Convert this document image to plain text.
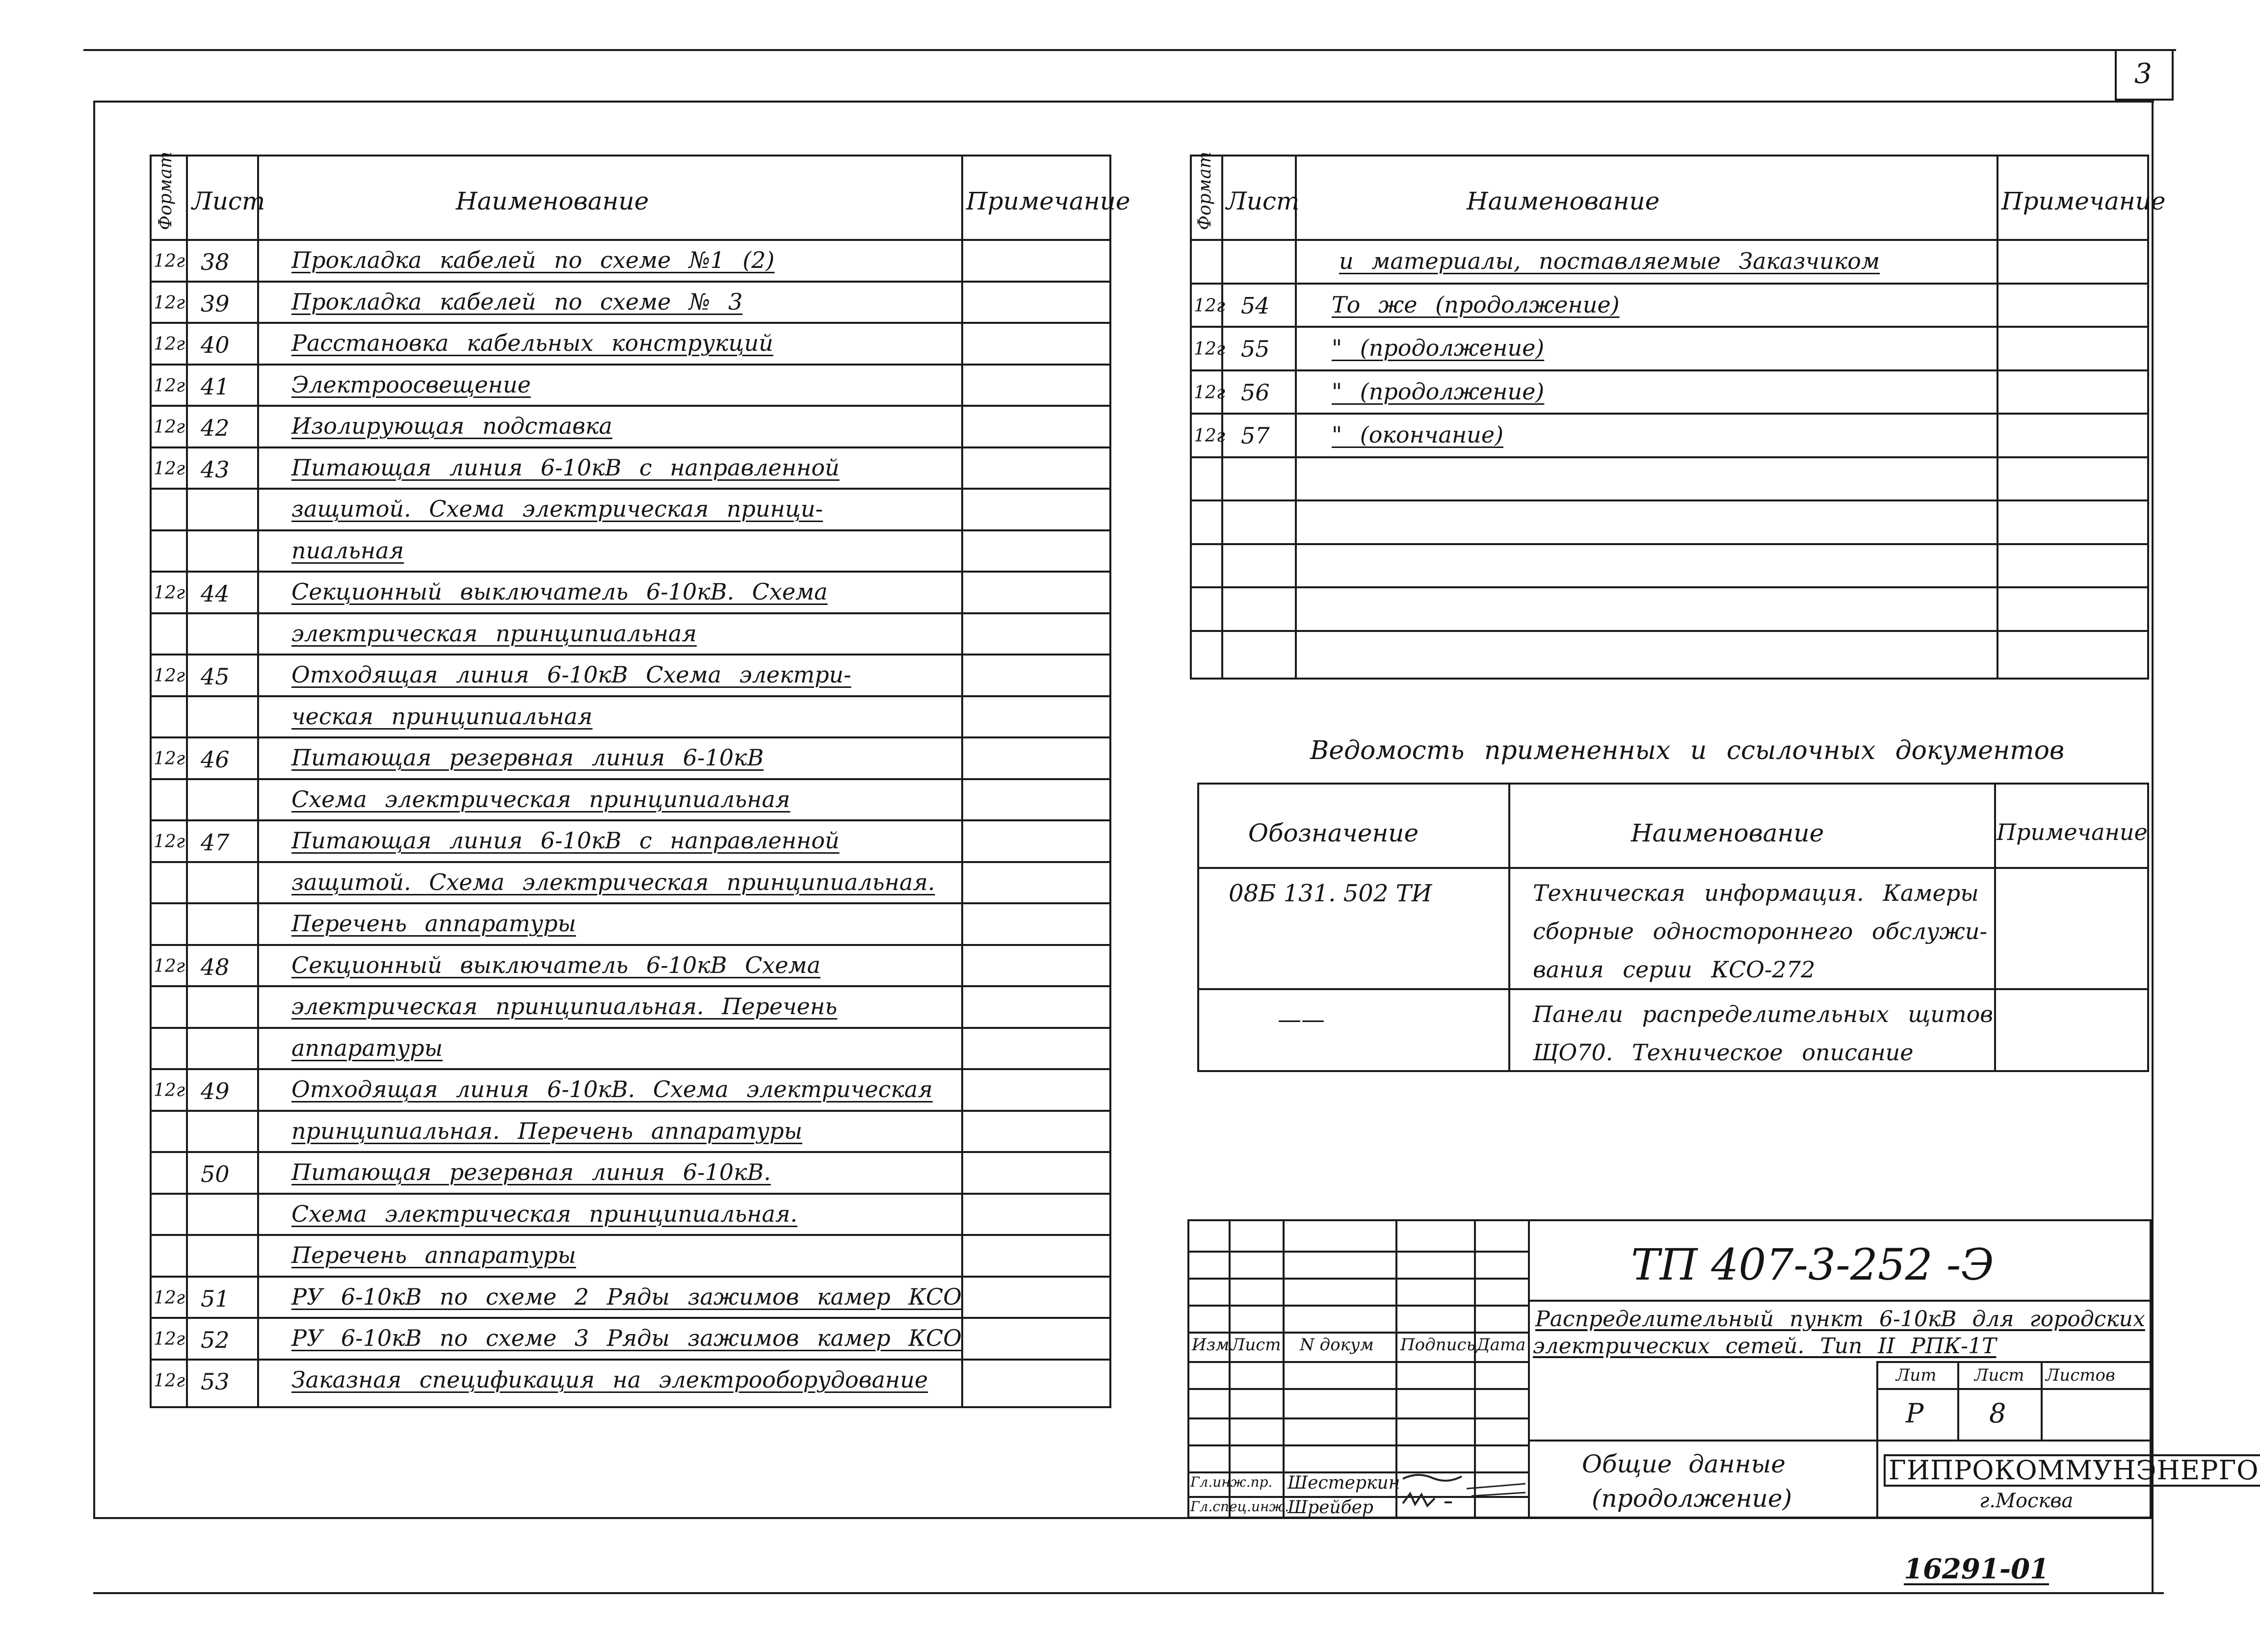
3
Формат Лист	Наименование	Примечание
12г 38	Прокладка кабелей по схеме №1 (2)
12г 39	Прокладка кабелей по схеме № 3
12г 40	Расстановка кабельных конструкций
12г 41	Электроосвещение
12г 42	Изолирующая подставка
12г 43	Питающая линия 6-10кВ с направленной
защитой. Схема электрическая принци-
пиальная
12г 44	Секционный выключатель 6-10кВ. Схема
электрическая принципиальная
12г 45	Отходящая линия 6-10кВ Схема электри-
ческая принципиальная
12г 46	Питающая резервная линия 6-10кВ
Схема электрическая принципиальная
12г 47	Питающая линия 6-10кВ с направленной
защитой. Схема электрическая принципиальная.
Перечень аппаратуры
12г 48	Секционный выключатель 6-10кВ Схема
электрическая принципиальная. Перечень
аппаратуры
12г 49	Отходящая линия 6-10кВ. Схема электрическая
принципиальная. Перечень аппаратуры
50	Питающая резервная линия 6-10кВ.
Схема электрическая принципиальная.
Перечень аппаратуры
12г 51	РУ 6-10кВ по схеме 2 Ряды зажимов камер КСО
12г 52	РУ 6-10кВ по схеме 3 Ряды зажимов камер КСО
12г 53	Заказная спецификация на электрооборудование
Формат Лист	Наименование	Примечание
и материалы, поставляемые Заказчиком
12г 54	То же (продолжение)
12г 55	" (продолжение)
12г 56	" (продолжение)
12г 57	" (окончание)
Ведомость примененных и ссылочных документов
Обозначение	Наименование	Примечание
08Б 131. 502 ТИ	Техническая информация. Камеры
сборные одностороннего обслужи-
вания серии КСО-272
——	Панели распределительных щитов
ЩО70. Техническое описание
ТП 407-3-252 -Э
Распределительный пункт 6-10кВ для городских
электрических сетей. Тип II РПК-1Т
Изм Лист N докум Подпись Дата
Лит Лист Листов
Р 8
Общие данные
(продолжение)
Гл.инж.пр. Шестеркин
Гл.спец.инж.
Шрейбер
ГИПРОКОММУНЭНЕРГО
г.Москва
16291-01
